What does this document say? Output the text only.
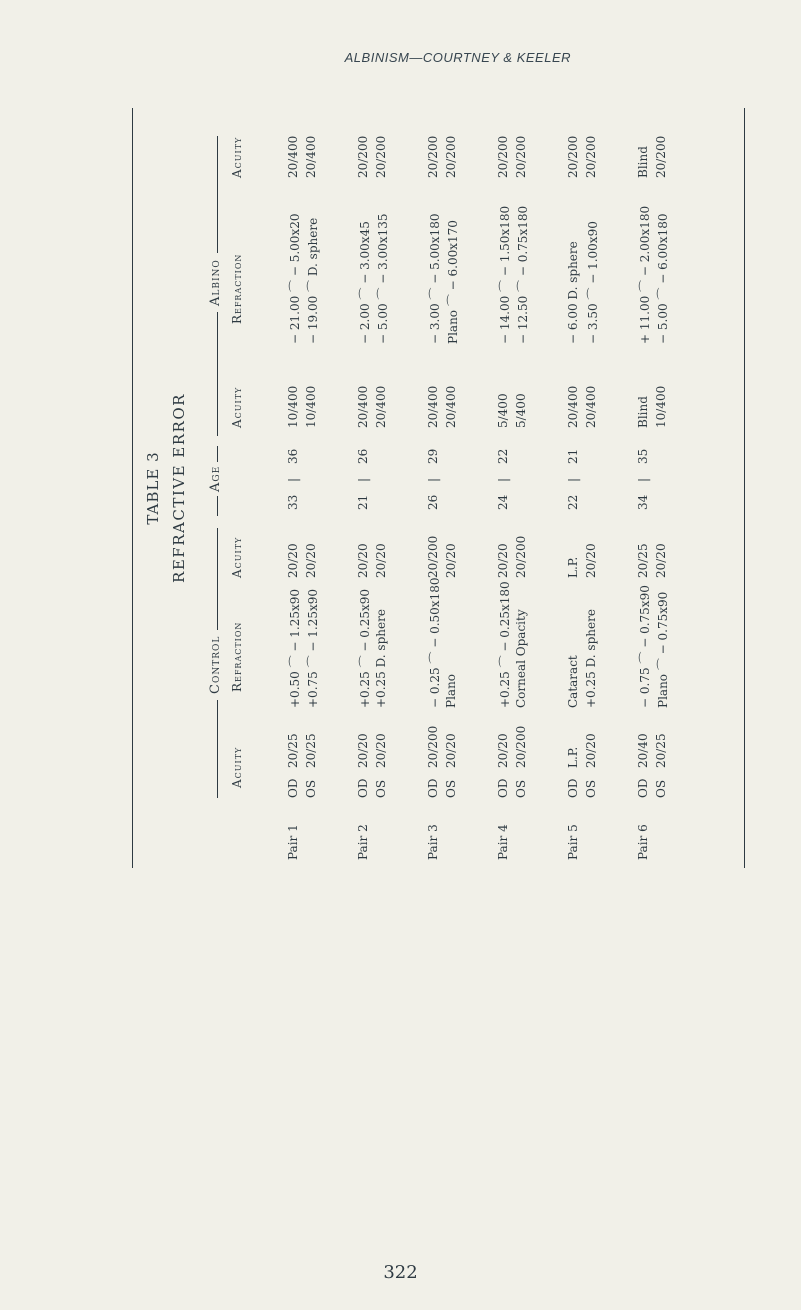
ALBINISM—COURTNEY & KEELER
TABLE 3 REFRACTIVE ERROR
Control
Age
Albino
Acuity
Refraction
Acuity
Acuity
Refraction
Acuity
Pair 1
OD OS
20/25 20/25
+0.50 ⌒ − 1.25x90 +0.75 ⌒ − 1.25x90
20/20 20/20
33
|
36
10/400 10/400
− 21.00 ⌒ − 5.00x20 − 19.00 ⌒ D. sphere
20/400 20/400
Pair 2
OD OS
20/20 20/20
+0.25 ⌒ − 0.25x90 +0.25 D. sphere
20/20 20/20
21
|
26
20/400 20/400
− 2.00 ⌒ − 3.00x45 − 5.00 ⌒ − 3.00x135
20/200 20/200
Pair 3
OD OS
20/200 20/20
− 0.25 ⌒ − 0.50x180 Plano
20/200 20/20
26
|
29
20/400 20/400
− 3.00 ⌒ − 5.00x180 Plano ⌒ − 6.00x170
20/200 20/200
Pair 4
OD OS
20/20 20/200
+0.25 ⌒ − 0.25x180 Corneal Opacity
20/20 20/200
24
|
22
5/400 5/400
− 14.00 ⌒ − 1.50x180 − 12.50 ⌒ − 0.75x180
20/200 20/200
Pair 5
OD OS
L.P. 20/20
Cataract +0.25 D. sphere
L.P. 20/20
22
|
21
20/400 20/400
− 6.00 D. sphere − 3.50 ⌒ − 1.00x90
20/200 20/200
Pair 6
OD OS
20/40 20/25
− 0.75 ⌒ − 0.75x90 Plano ⌒ − 0.75x90
20/25 20/20
34
|
35
Blind 10/400
+ 11.00 ⌒ − 2.00x180 − 5.00 ⌒ − 6.00x180
Blind 20/200
322
